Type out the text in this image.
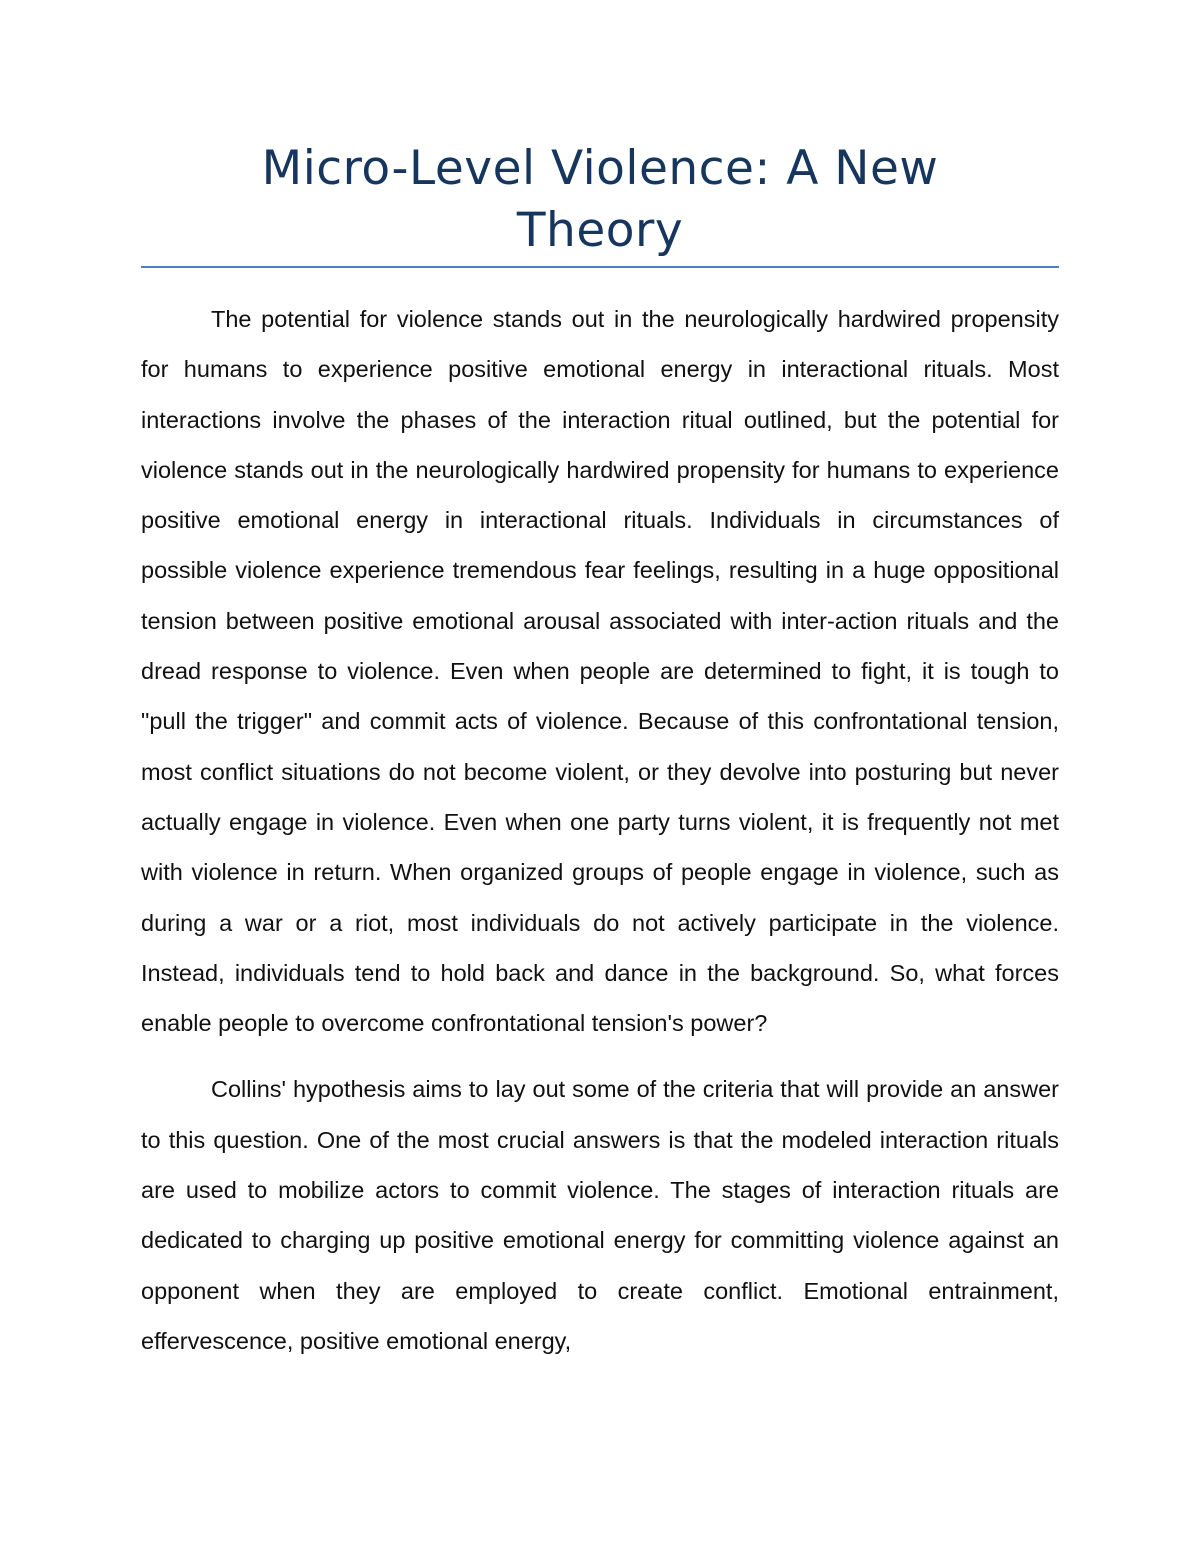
Micro-Level Violence: A New
Theory

The potential for violence stands out in the neurologically hardwired propensity for humans to experience positive emotional energy in interactional rituals. Most interactions involve the phases of the interaction ritual outlined, but the potential for violence stands out in the neurologically hardwired propensity for humans to experience positive emotional energy in interactional rituals. Individuals in circumstances of possible violence experience tremendous fear feelings, resulting in a huge oppositional tension between positive emotional arousal associated with inter-action rituals and the dread response to violence. Even when people are determined to fight, it is tough to "pull the trigger" and commit acts of violence. Because of this confrontational tension, most conflict situations do not become violent, or they devolve into posturing but never actually engage in violence. Even when one party turns violent, it is frequently not met with violence in return. When organized groups of people engage in violence, such as during a war or a riot, most individuals do not actively participate in the violence. Instead, individuals tend to hold back and dance in the background. So, what forces enable people to overcome confrontational tension's power?

Collins' hypothesis aims to lay out some of the criteria that will provide an answer to this question. One of the most crucial answers is that the modeled interaction rituals are used to mobilize actors to commit violence. The stages of interaction rituals are dedicated to charging up positive emotional energy for committing violence against an opponent when they are employed to create conflict. Emotional entrainment, effervescence, positive emotional energy,
